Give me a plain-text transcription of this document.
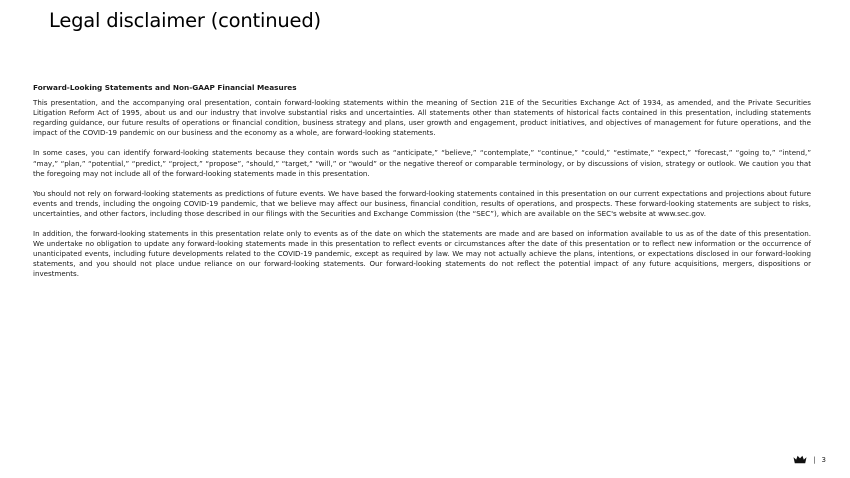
Legal disclaimer (continued)
Forward-Looking Statements and Non-GAAP Financial Measures

This presentation, and the accompanying oral presentation, contain forward-looking statements within the meaning of Section 21E of the Securities Exchange Act of 1934, as amended, and the Private Securities Litigation Reform Act of 1995, about us and our industry that involve substantial risks and uncertainties. All statements other than statements of historical facts contained in this presentation, including statements regarding guidance, our future results of operations or financial condition, business strategy and plans, user growth and engagement, product initiatives, and objectives of management for future operations, and the impact of the COVID-19 pandemic on our business and the economy as a whole, are forward-looking statements.

In some cases, you can identify forward-looking statements because they contain words such as “anticipate,” “believe,” “contemplate,” “continue,” “could,” “estimate,” “expect,” “forecast,” “going to,” “intend,” “may,” “plan,” “potential,” “predict,” “project,” “propose”, “should,” “target,” “will,” or “would” or the negative thereof or comparable terminology, or by discussions of vision, strategy or outlook. We caution you that the foregoing may not include all of the forward-looking statements made in this presentation.

You should not rely on forward-looking statements as predictions of future events. We have based the forward-looking statements contained in this presentation on our current expectations and projections about future events and trends, including the ongoing COVID-19 pandemic, that we believe may affect our business, financial condition, results of operations, and prospects. These forward-looking statements are subject to risks, uncertainties, and other factors, including those described in our filings with the Securities and Exchange Commission (the “SEC”), which are available on the SEC's website at www.sec.gov.

In addition, the forward-looking statements in this presentation relate only to events as of the date on which the statements are made and are based on information available to us as of the date of this presentation. We undertake no obligation to update any forward-looking statements made in this presentation to reflect events or circumstances after the date of this presentation or to reflect new information or the occurrence of unanticipated events, including future developments related to the COVID-19 pandemic, except as required by law. We may not actually achieve the plans, intentions, or expectations disclosed in our forward-looking statements, and you should not place undue reliance on our forward-looking statements. Our forward-looking statements do not reflect the potential impact of any future acquisitions, mergers, dispositions or investments.

| 3
